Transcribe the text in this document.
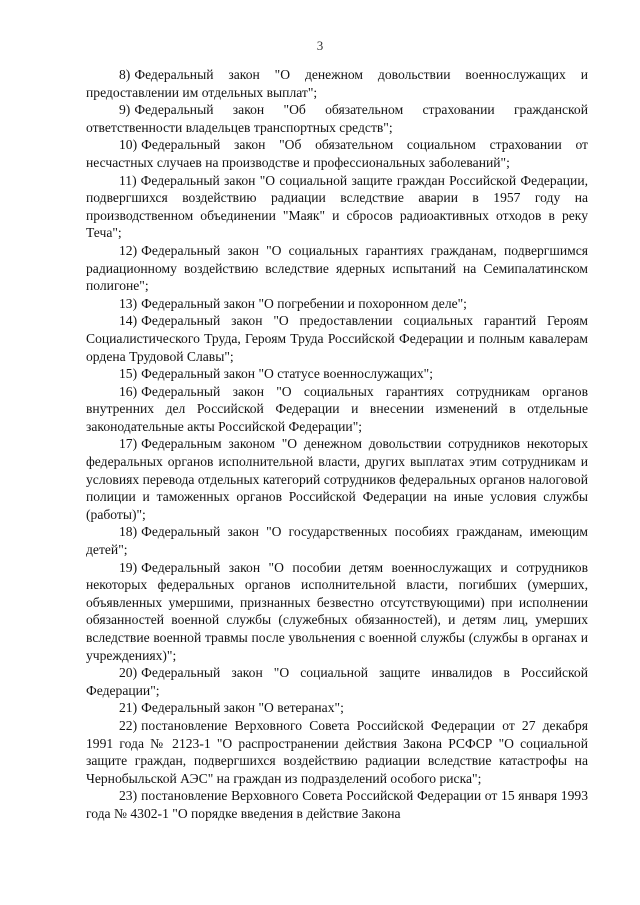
3

8) Федеральный закон "О денежном довольствии военнослужащих и предоставлении им отдельных выплат";

9) Федеральный закон "Об обязательном страховании гражданской ответственности владельцев транспортных средств";

10) Федеральный закон "Об обязательном социальном страховании от несчастных случаев на производстве и профессиональных заболеваний";

11) Федеральный закон "О социальной защите граждан Российской Федерации, подвергшихся воздействию радиации вследствие аварии в 1957 году на производственном объединении "Маяк" и сбросов радиоактивных отходов в реку Теча";

12) Федеральный закон "О социальных гарантиях гражданам, подвергшимся радиационному воздействию вследствие ядерных испытаний на Семипалатинском полигоне";

13) Федеральный закон "О погребении и похоронном деле";

14) Федеральный закон "О предоставлении социальных гарантий Героям Социалистического Труда, Героям Труда Российской Федерации и полным кавалерам ордена Трудовой Славы";

15) Федеральный закон "О статусе военнослужащих";

16) Федеральный закон "О социальных гарантиях сотрудникам органов внутренних дел Российской Федерации и внесении изменений в отдельные законодательные акты Российской Федерации";

17) Федеральным законом "О денежном довольствии сотрудников некоторых федеральных органов исполнительной власти, других выплатах этим сотрудникам и условиях перевода отдельных категорий сотрудников федеральных органов налоговой полиции и таможенных органов Российской Федерации на иные условия службы (работы)";

18) Федеральный закон "О государственных пособиях гражданам, имеющим детей";

19) Федеральный закон "О пособии детям военнослужащих и сотрудников некоторых федеральных органов исполнительной власти, погибших (умерших, объявленных умершими, признанных безвестно отсутствующими) при исполнении обязанностей военной службы (служебных обязанностей), и детям лиц, умерших вследствие военной травмы после увольнения с военной службы (службы в органах и учреждениях)";

20) Федеральный закон "О социальной защите инвалидов в Российской Федерации";

21) Федеральный закон "О ветеранах";

22) постановление Верховного Совета Российской Федерации от 27 декабря 1991 года № 2123-1 "О распространении действия Закона РСФСР "О социальной защите граждан, подвергшихся воздействию радиации вследствие катастрофы на Чернобыльской АЭС" на граждан из подразделений особого риска";

23) постановление Верховного Совета Российской Федерации от 15 января 1993 года № 4302-1 "О порядке введения в действие Закона
